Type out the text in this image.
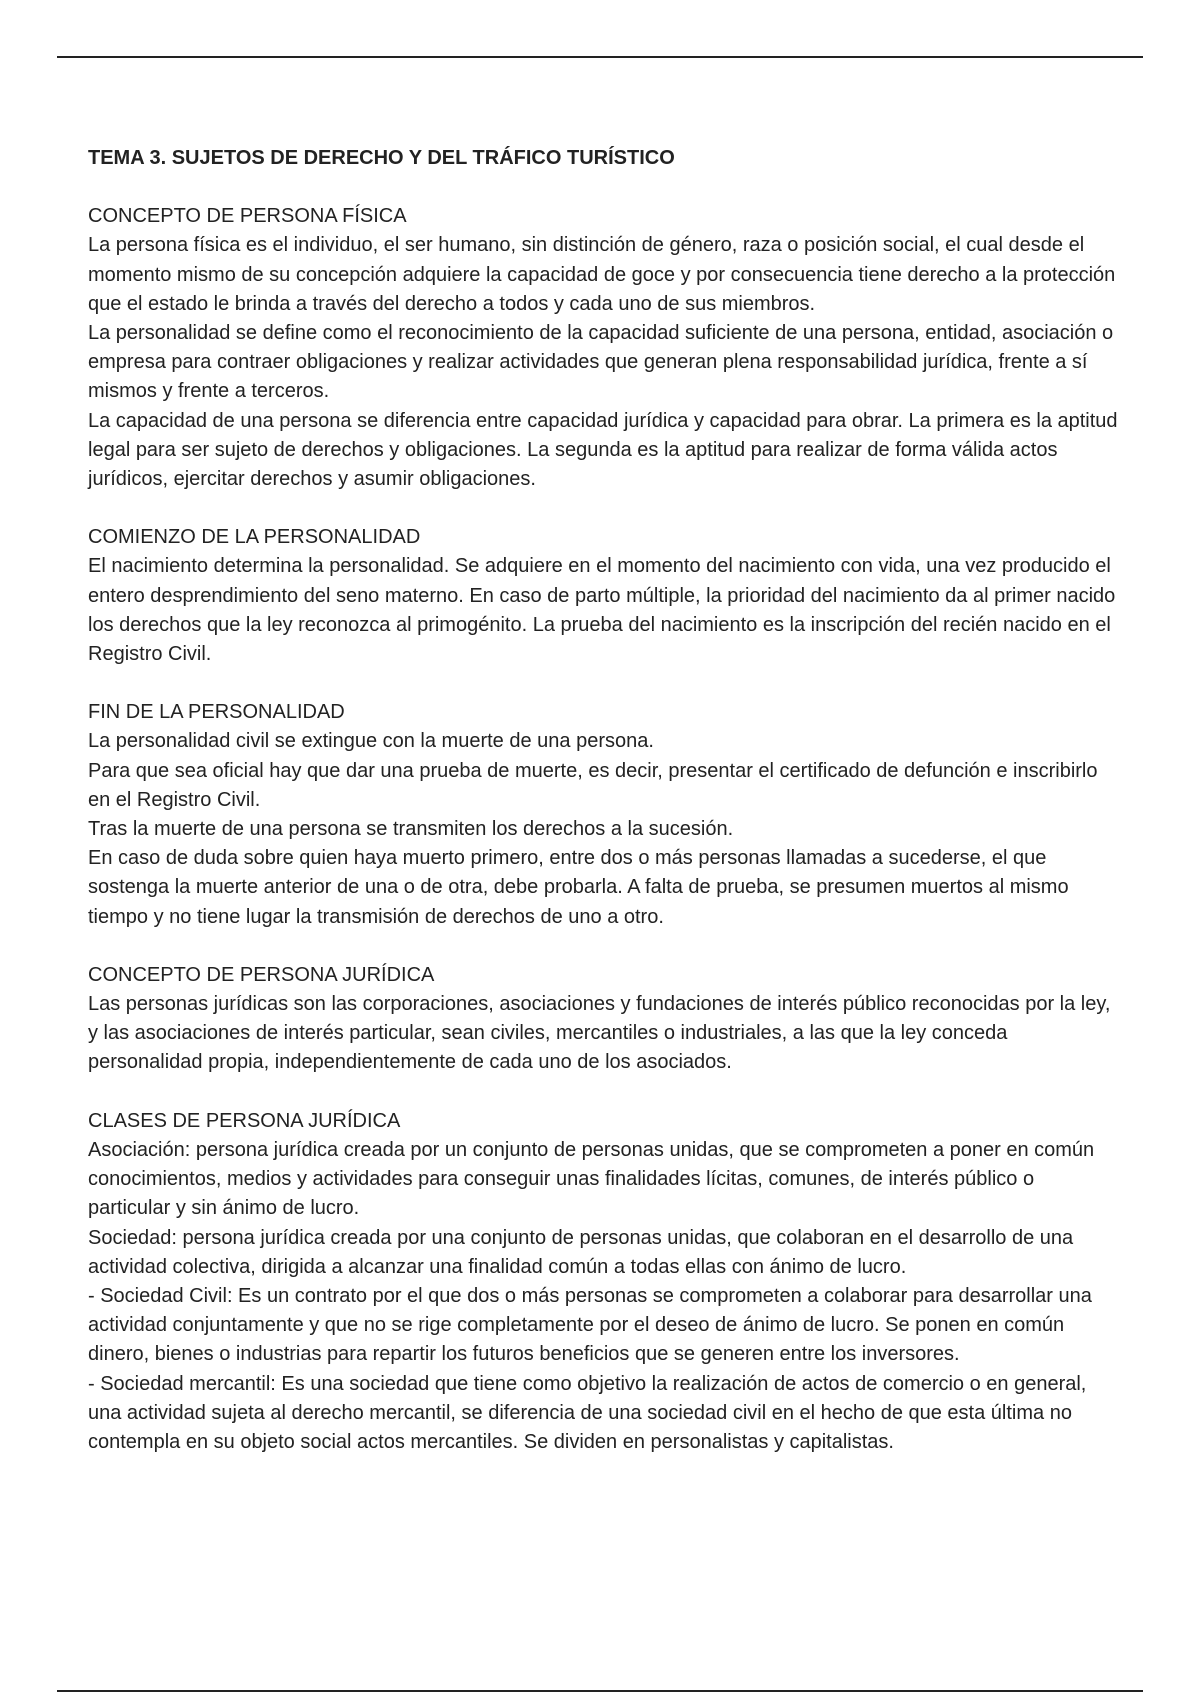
TEMA 3. SUJETOS DE DERECHO Y DEL TRÁFICO TURÍSTICO
CONCEPTO DE PERSONA FÍSICA

La persona física es el individuo, el ser humano, sin distinción de género, raza o posición social, el cual desde el momento mismo de su concepción adquiere la capacidad de goce y por consecuencia tiene derecho a la protección que el estado le brinda a través del derecho a todos y cada uno de sus miembros.

La personalidad se define como el reconocimiento de la capacidad suficiente de una persona, entidad, asociación o empresa para contraer obligaciones y realizar actividades que generan plena responsabilidad jurídica, frente a sí mismos y frente a terceros.

La capacidad de una persona se diferencia entre capacidad jurídica y capacidad para obrar. La primera es la aptitud legal para ser sujeto de derechos y obligaciones. La segunda es la aptitud para realizar de forma válida actos jurídicos, ejercitar derechos y asumir obligaciones.

COMIENZO DE LA PERSONALIDAD

El nacimiento determina la personalidad. Se adquiere en el momento del nacimiento con vida, una vez producido el entero desprendimiento del seno materno. En caso de parto múltiple, la prioridad del nacimiento da al primer nacido los derechos que la ley reconozca al primogénito. La prueba del nacimiento es la inscripción del recién nacido en el Registro Civil.

FIN DE LA PERSONALIDAD

La personalidad civil se extingue con la muerte de una persona.

Para que sea oficial hay que dar una prueba de muerte, es decir, presentar el certificado de defunción e inscribirlo en el Registro Civil.

Tras la muerte de una persona se transmiten los derechos a la sucesión.

En caso de duda sobre quien haya muerto primero, entre dos o más personas llamadas a sucederse, el que sostenga la muerte anterior de una o de otra, debe probarla. A falta de prueba, se presumen muertos al mismo tiempo y no tiene lugar la transmisión de derechos de uno a otro.

CONCEPTO DE PERSONA JURÍDICA

Las personas jurídicas son las corporaciones, asociaciones y fundaciones de interés público reconocidas por la ley, y las asociaciones de interés particular, sean civiles, mercantiles o industriales, a las que la ley conceda personalidad propia, independientemente de cada uno de los asociados.

CLASES DE PERSONA JURÍDICA

Asociación: persona jurídica creada por un conjunto de personas unidas, que se comprometen a poner en común conocimientos, medios y actividades para conseguir unas finalidades lícitas, comunes, de interés público o particular y sin ánimo de lucro.

Sociedad: persona jurídica creada por una conjunto de personas unidas, que colaboran en el desarrollo de una actividad colectiva, dirigida a alcanzar una finalidad común a todas ellas con ánimo de lucro.

- Sociedad Civil: Es un contrato por el que dos o más personas se comprometen a colaborar para desarrollar una actividad conjuntamente y que no se rige completamente por el deseo de ánimo de lucro. Se ponen en común dinero, bienes o industrias para repartir los futuros beneficios que se generen entre los inversores.

- Sociedad mercantil: Es una sociedad que tiene como objetivo la realización de actos de comercio o en general, una actividad sujeta al derecho mercantil, se diferencia de una sociedad civil en el hecho de que esta última no contempla en su objeto social actos mercantiles. Se dividen en personalistas y capitalistas.
